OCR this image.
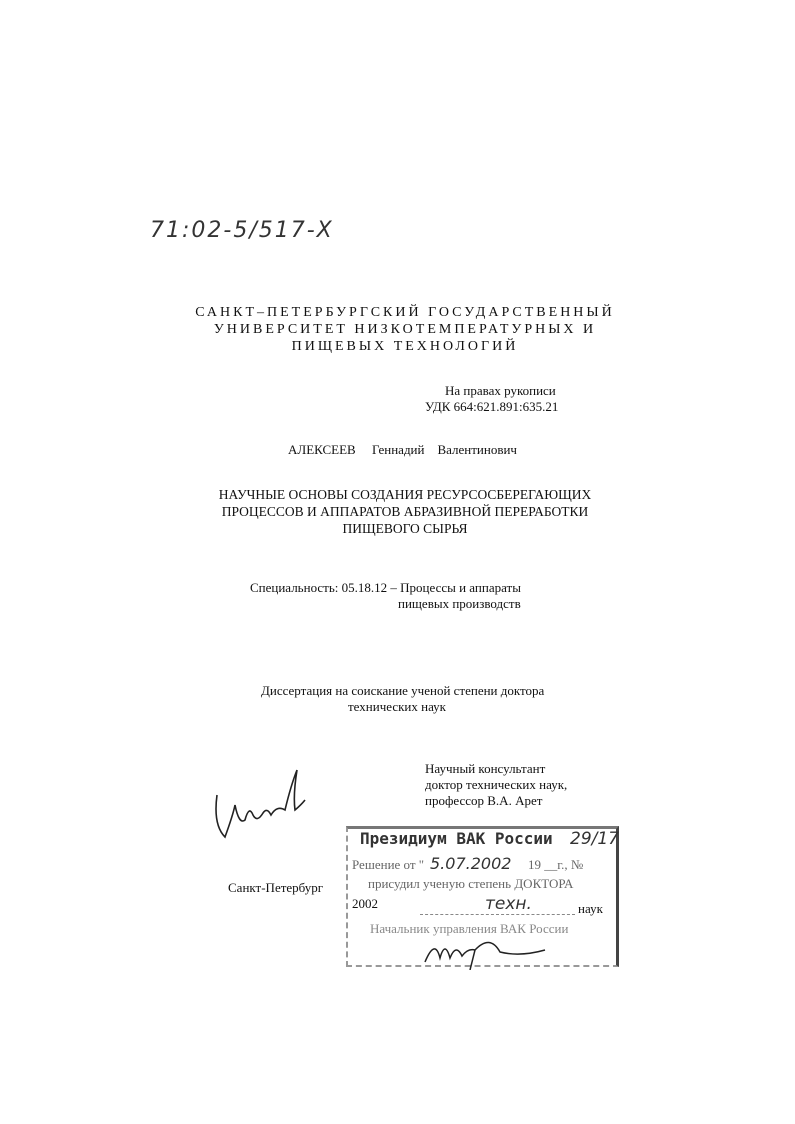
71:02-5/517-Х
САНКТ–ПЕТЕРБУРГСКИЙ ГОСУДАРСТВЕННЫЙ
УНИВЕРСИТЕТ НИЗКОТЕМПЕРАТУРНЫХ И
ПИЩЕВЫХ ТЕХНОЛОГИЙ
На правах рукописи
УДК 664:621.891:635.21
АЛЕКСЕЕВ     Геннадий    Валентинович
НАУЧНЫЕ ОСНОВЫ СОЗДАНИЯ РЕСУРСОСБЕРЕГАЮЩИХ
ПРОЦЕССОВ И АППАРАТОВ АБРАЗИВНОЙ ПЕРЕРАБОТКИ
ПИЩЕВОГО СЫРЬЯ
Специальность: 05.18.12 – Процессы и аппараты
пищевых производств
Диссертация на соискание ученой степени доктора
технических наук
Научный консультант
доктор технических наук,
профессор В.А. Арет
Президиум ВАК России 29/17
Решение от " 5.07.2002 19 __г., №
присудил ученую степень ДОКТОРА
техн.	наук
Начальник управления ВАК России
Санкт-Петербург
2002
